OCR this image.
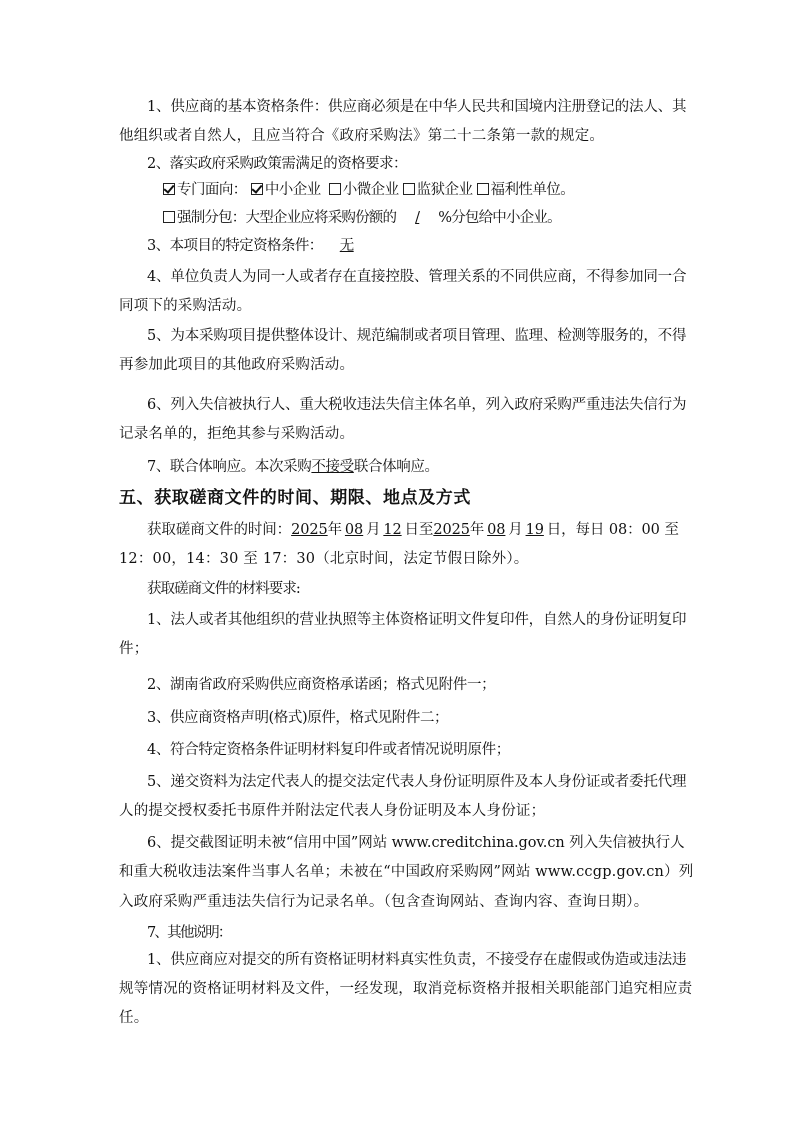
1、供应商的基本资格条件：供应商必须是在中华人民共和国境内注册登记的法人、其
他组织或者自然人，且应当符合《政府采购法》第二十二条第一款的规定。
2、落实政府采购政策需满足的资格要求：
专门面向： 中小企业 小微企业 监狱企业 福利性单位。
强制分包：大型企业应将采购份额的 / %分包给中小企业。
3、本项目的特定资格条件： 无
4、单位负责人为同一人或者存在直接控股、管理关系的不同供应商，不得参加同一合
同项下的采购活动。
5、为本采购项目提供整体设计、规范编制或者项目管理、监理、检测等服务的，不得
再参加此项目的其他政府采购活动。
6、列入失信被执行人、重大税收违法失信主体名单，列入政府采购严重违法失信行为
记录名单的，拒绝其参与采购活动。
7、联合体响应。本次采购不接受联合体响应。
五、获取磋商文件的时间、期限、地点及方式
获取磋商文件的时间：2025年 08 月 12 日至2025年 08 月 19 日，每日 08：00 至
12：00，14：30 至 17：30（北京时间，法定节假日除外）。
获取磋商文件的材料要求:
1、法人或者其他组织的营业执照等主体资格证明文件复印件，自然人的身份证明复印
件；
2、湖南省政府采购供应商资格承诺函；格式见附件一；
3、供应商资格声明(格式)原件，格式见附件二；
4、符合特定资格条件证明材料复印件或者情况说明原件；
5、递交资料为法定代表人的提交法定代表人身份证明原件及本人身份证或者委托代理
人的提交授权委托书原件并附法定代表人身份证明及本人身份证；
6、提交截图证明未被“信用中国”网站 www.creditchina.gov.cn 列入失信被执行人
和重大税收违法案件当事人名单；未被在“中国政府采购网”网站 www.ccgp.gov.cn）列
入政府采购严重违法失信行为记录名单。（包含查询网站、查询内容、查询日期）。
7、其他说明：
1、供应商应对提交的所有资格证明材料真实性负责，不接受存在虚假或伪造或违法违
规等情况的资格证明材料及文件，一经发现，取消竞标资格并报相关职能部门追究相应责
任。
